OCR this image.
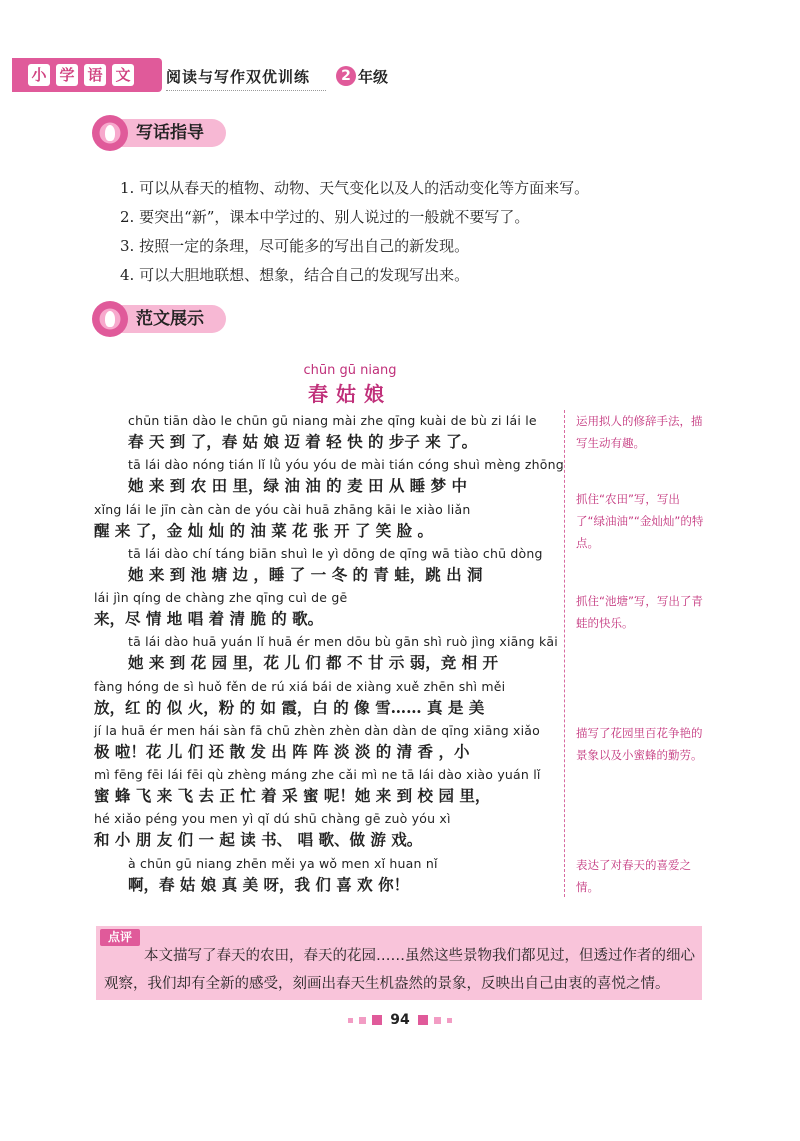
小 学 语 文 阅读与写作双优训练	2 年级
写话指导
1. 可以从春天的植物、动物、天气变化以及人的活动变化等方面来写。
2. 要突出“新”，课本中学过的、别人说过的一般就不要写了。
3. 按照一定的条理，尽可能多的写出自己的新发现。
4. 可以大胆地联想、想象，结合自己的发现写出来。
范文展示
chūn gū niang
春姑娘
chūn tiān dào le chūn gū niang mài zhe qīng kuài de bù zi lái le
春 天 到 了，春 姑 娘 迈 着 轻 快 的 步子 来 了。
tā lái dào nóng tián lǐ lǜ yóu yóu de mài tián cóng shuì mèng zhōng
她 来 到 农 田 里，绿 油 油 的 麦 田 从 睡 梦 中
xǐng lái le jīn càn càn de yóu cài huā zhāng kāi le xiào liǎn
醒 来 了，金 灿 灿 的 油 菜 花 张 开 了 笑 脸 。
tā lái dào chí táng biān shuì le yì dōng de qīng wā tiào chū dòng
她 来 到 池 塘 边 ，睡 了 一 冬 的 青 蛙，跳 出 洞
lái jìn qíng de chàng zhe qīng cuì de gē
来，尽 情 地 唱 着 清 脆 的 歌。
tā lái dào huā yuán lǐ huā ér men dōu bù gān shì ruò jìng xiāng kāi
她 来 到 花 园 里，花 儿 们 都 不 甘 示 弱，竞 相 开
fàng hóng de sì huǒ fěn de rú xiá bái de xiàng xuě zhēn shì měi
放，红 的 似 火，粉 的 如 霞，白 的 像 雪…… 真 是 美
jí la huā ér men hái sàn fā chū zhèn zhèn dàn dàn de qīng xiāng xiǎo
极 啦！花 儿 们 还 散 发 出 阵 阵 淡 淡 的 清 香 ，小
mì fēng fēi lái fēi qù zhèng máng zhe cǎi mì ne tā lái dào xiào yuán lǐ
蜜 蜂 飞 来 飞 去 正 忙 着 采 蜜 呢！她 来 到 校 园 里，
hé xiǎo péng you men yì qǐ dú shū chàng gē zuò yóu xì
和 小 朋 友 们 一 起 读 书、 唱 歌、做 游 戏。
à chūn gū niang zhēn měi ya wǒ men xǐ huan nǐ
啊，春 姑 娘 真 美 呀，我 们 喜 欢 你！
运用拟人的修辞手法，描写生动有趣。
抓住“农田”写，写出了“绿油油”“金灿灿”的特点。
抓住“池塘”写，写出了青蛙的快乐。
描写了花园里百花争艳的景象以及小蜜蜂的勤劳。
表达了对春天的喜爱之情。
点评
本文描写了春天的农田，春天的花园……虽然这些景物我们都见过，但透过作者的细心观察，我们却有全新的感受，刻画出春天生机盎然的景象，反映出自己由衷的喜悦之情。
94
